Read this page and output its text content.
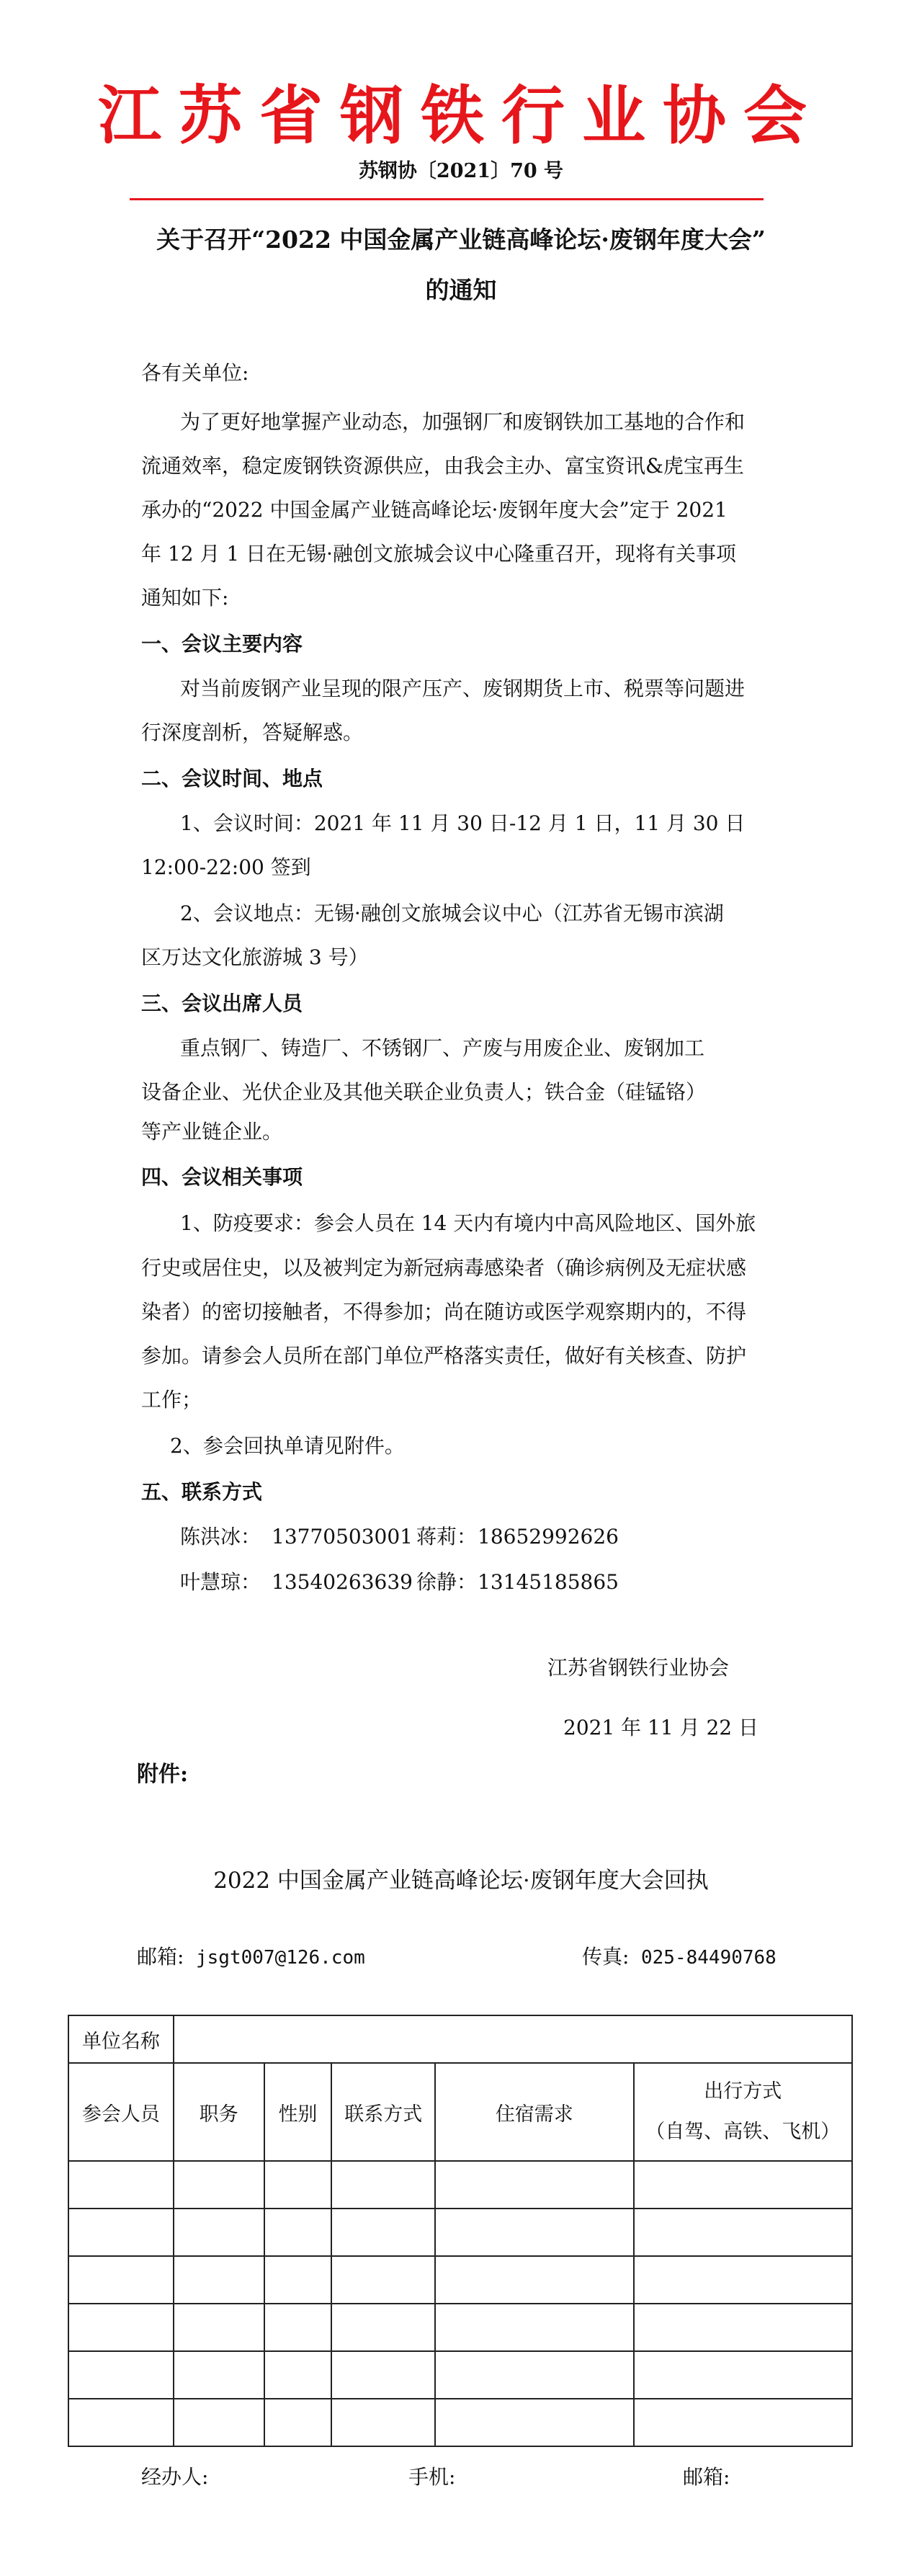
江苏省钢铁行业协会
苏钢协〔2021〕70 号
关于召开“2022 中国金属产业链高峰论坛·废钢年度大会”
的通知
各有关单位:
为了更好地掌握产业动态，加强钢厂和废钢铁加工基地的合作和
流通效率，稳定废钢铁资源供应，由我会主办、富宝资讯&虎宝再生
承办的“2022 中国金属产业链高峰论坛·废钢年度大会”定于 2021
年 12 月 1 日在无锡·融创文旅城会议中心隆重召开，现将有关事项
通知如下:
一、会议主要内容
对当前废钢产业呈现的限产压产、废钢期货上市、税票等问题进
行深度剖析，答疑解惑。
二、会议时间、地点
1、会议时间：2021 年 11 月 30 日-12 月 1 日，11 月 30 日
12:00-22:00 签到
2、会议地点：无锡·融创文旅城会议中心（江苏省无锡市滨湖
区万达文化旅游城 3 号）
三、会议出席人员
重点钢厂、铸造厂、不锈钢厂、产废与用废企业、废钢加工
设备企业、光伏企业及其他关联企业负责人；铁合金（硅锰铬）
等产业链企业。
四、会议相关事项
1、防疫要求：参会人员在 14 天内有境内中高风险地区、国外旅
行史或居住史，以及被判定为新冠病毒感染者（确诊病例及无症状感
染者）的密切接触者，不得参加；尚在随访或医学观察期内的，不得
参加。请参会人员所在部门单位严格落实责任，做好有关核查、防护
工作；
2、参会回执单请见附件。
五、联系方式
陈洪冰： 13770503001 蒋莉： 18652992626
叶慧琼： 13540263639 徐静： 13145185865
江苏省钢铁行业协会
2021 年 11 月 22 日
附件:
2022 中国金属产业链高峰论坛·废钢年度大会回执
邮箱: jsgt007@126.com	传真: 025-84490768
单位名称					
参会人员	职务	性别	联系方式	住宿需求	出行方式
（自驾、高铁、飞机）

经办人:	手机:	邮箱:
